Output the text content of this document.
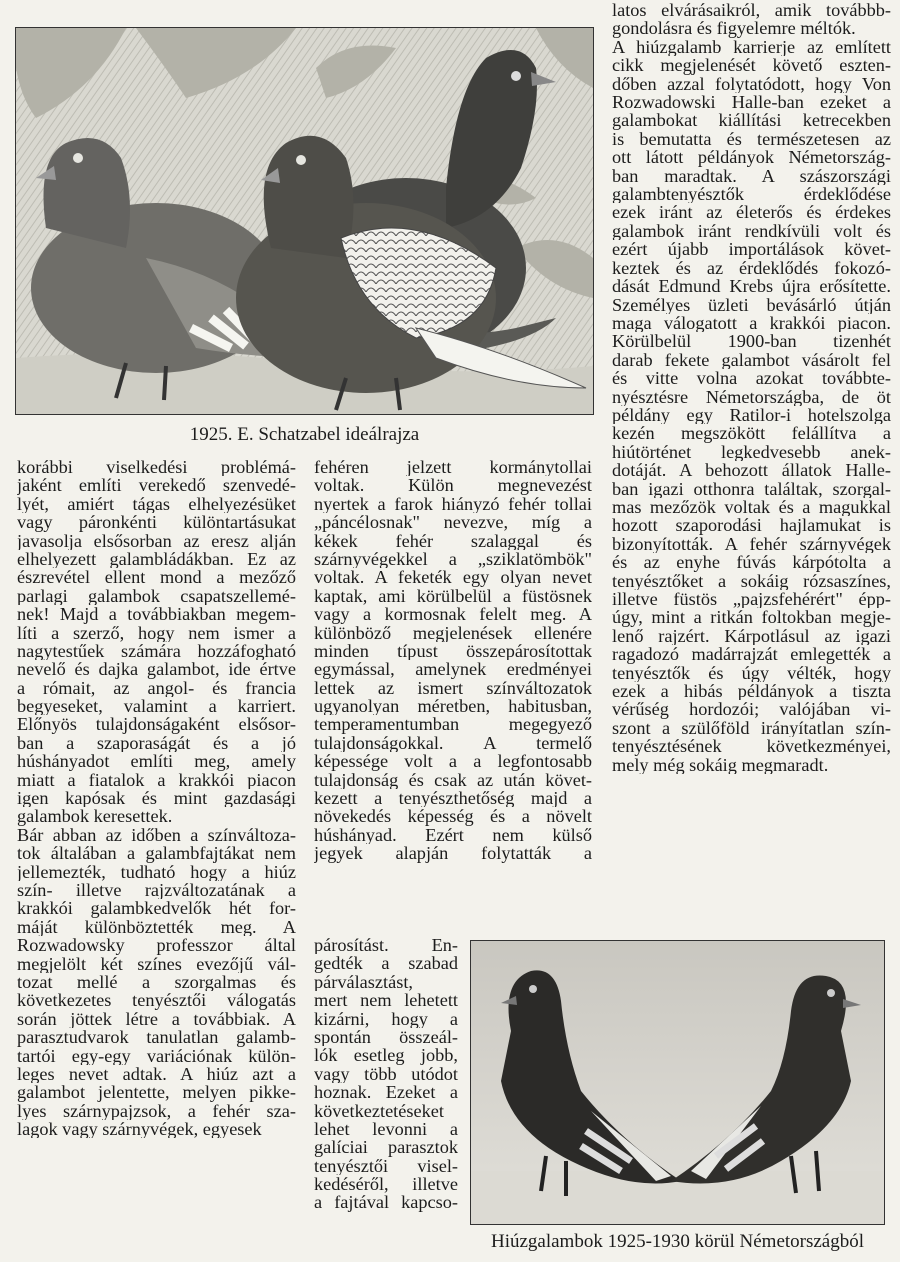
1925. E. Schatzabel ideálrajza
korábbi viselkedési problémá-
jaként említi verekedő szenvedé-
lyét, amiért tágas elhelyezésüket
vagy páronkénti különtartásukat
javasolja elsősorban az eresz alján
elhelyezett galambládákban. Ez az
észrevétel ellent mond a mezőző
parlagi galambok csapatszellemé-
nek! Majd a továbbiakban megem-
líti a szerző, hogy nem ismer a
nagytestűek számára hozzáfogható
nevelő és dajka galambot, ide értve
a rómait, az angol- és francia
begyeseket, valamint a karriert.
Előnyös tulajdonságaként elsősor-
ban a szaporaságát és a jó
húshányadot említi meg, amely
miatt a fiatalok a krakkói piacon
igen kapósak és mint gazdasági
galambok keresettek.
Bár abban az időben a színváltoza-
tok általában a galambfajtákat nem
jellemezték, tudható hogy a hiúz
szín- illetve rajzváltozatának a
krakkói galambkedvelők hét for-
máját különböztették meg. A
Rozwadowsky professzor által
megjelölt két színes evezőjű vál-
tozat mellé a szorgalmas és
következetes tenyésztői válogatás
során jöttek létre a továbbiak. A
parasztudvarok tanulatlan galamb-
tartói egy-egy variációnak külön-
leges nevet adtak. A hiúz azt a
galambot jelentette, melyen pikke-
lyes szárnypajzsok, a fehér sza-
lagok vagy szárnyvégek, egyesek
fehéren jelzett kormánytollai
voltak. Külön megnevezést
nyertek a farok hiányzó fehér tollai
„páncélosnak" nevezve, míg a
kékek fehér szalaggal és
szárnyvégekkel a „sziklatömbök"
voltak. A feketék egy olyan nevet
kaptak, ami körülbelül a füstösnek
vagy a kormosnak felelt meg. A
különböző megjelenések ellenére
minden típust összepárosítottak
egymással, amelynek eredményei
lettek az ismert színváltozatok
ugyanolyan méretben, habitusban,
temperamentumban megegyező
tulajdonságokkal. A termelő
képessége volt a a legfontosabb
tulajdonság és csak az után követ-
kezett a tenyészthetőség majd a
növekedés képesség és a növelt
húshányad. Ezért nem külső
jegyek alapján folytatták a
párosítást. En-
gedték a szabad
párválasztást,
mert nem lehetett
kizárni, hogy a
spontán összeál-
lók esetleg jobb,
vagy több utódot
hoznak. Ezeket a
következtetéseket
lehet levonni a
galíciai parasztok
tenyésztői visel-
kedéséről, illetve
a fajtával kapcso-
latos elvárásaikról, amik továbbb-
gondolásra és figyelemre méltók.
A hiúzgalamb karrierje az említett
cikk megjelenését követő eszten-
dőben azzal folytatódott, hogy Von
Rozwadowski Halle-ban ezeket a
galambokat kiállítási ketrecekben
is bemutatta és természetesen az
ott látott példányok Németország-
ban maradtak. A szászországi
galambtenyésztők érdeklődése
ezek iránt az életerős és érdekes
galambok iránt rendkívüli volt és
ezért újabb importálások követ-
keztek és az érdeklődés fokozó-
dását Edmund Krebs újra erősítette.
Személyes üzleti bevásárló útján
maga válogatott a krakkói piacon.
Körülbelül 1900-ban tizenhét
darab fekete galambot vásárolt fel
és vitte volna azokat továbbte-
nyésztésre Németországba, de öt
példány egy Ratilor-i hotelszolga
kezén megszökött felállítva a
hiútörténet legkedvesebb anek-
dotáját. A behozott állatok Halle-
ban igazi otthonra találtak, szorgal-
mas mezőzök voltak és a magukkal
hozott szaporodási hajlamukat is
bizonyították. A fehér szárnyvégek
és az enyhe fúvás kárpótolta a
tenyésztőket a sokáig rózsaszínes,
illetve füstös „pajzsfehérért" épp-
úgy, mint a ritkán foltokban megje-
lenő rajzért. Kárpotlásul az igazi
ragadozó madárrajzát emlegették a
tenyésztők és úgy vélték, hogy
ezek a hibás példányok a tiszta
vérűség hordozói; valójában vi-
szont a szülőföld irányítatlan szín-
tenyésztésének következményei,
mely még sokáig megmaradt.
Hiúzgalambok 1925-1930 körül Németországból
